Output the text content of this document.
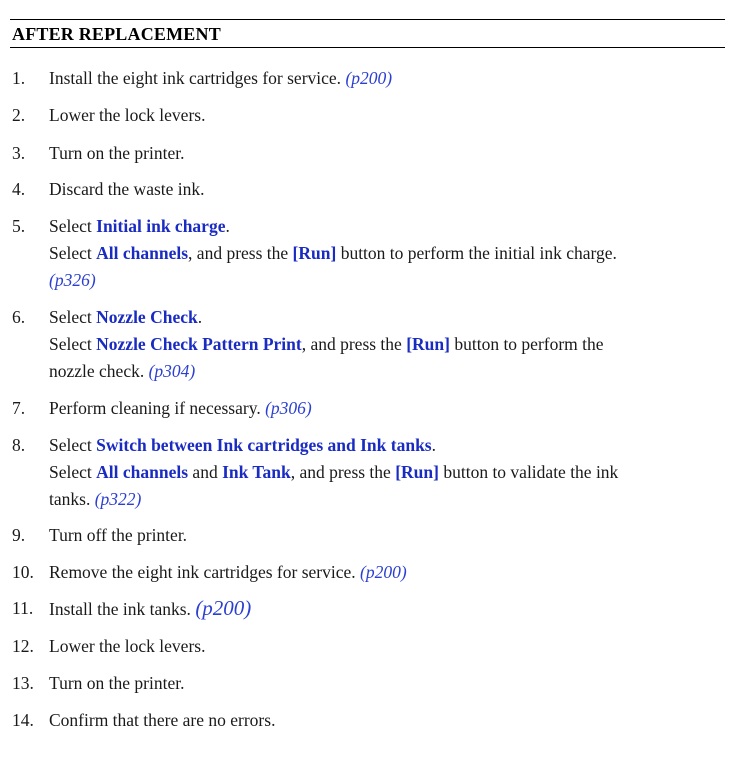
AFTER REPLACEMENT
1.	Install the eight ink cartridges for service. (p200)
2.	Lower the lock levers.
3.	Turn on the printer.
4.	Discard the waste ink.
5.	Select Initial ink charge.
Select All channels, and press the [Run] button to perform the initial ink charge.
(p326)
6.	Select Nozzle Check.
Select Nozzle Check Pattern Print, and press the [Run] button to perform the
nozzle check. (p304)
7.	Perform cleaning if necessary. (p306)
8.	Select Switch between Ink cartridges and Ink tanks.
Select All channels and Ink Tank, and press the [Run] button to validate the ink
tanks. (p322)
9.	Turn off the printer.
10. Remove the eight ink cartridges for service. (p200)
11. Install the ink tanks. (p200)
12. Lower the lock levers.
13. Turn on the printer.
14. Confirm that there are no errors.
